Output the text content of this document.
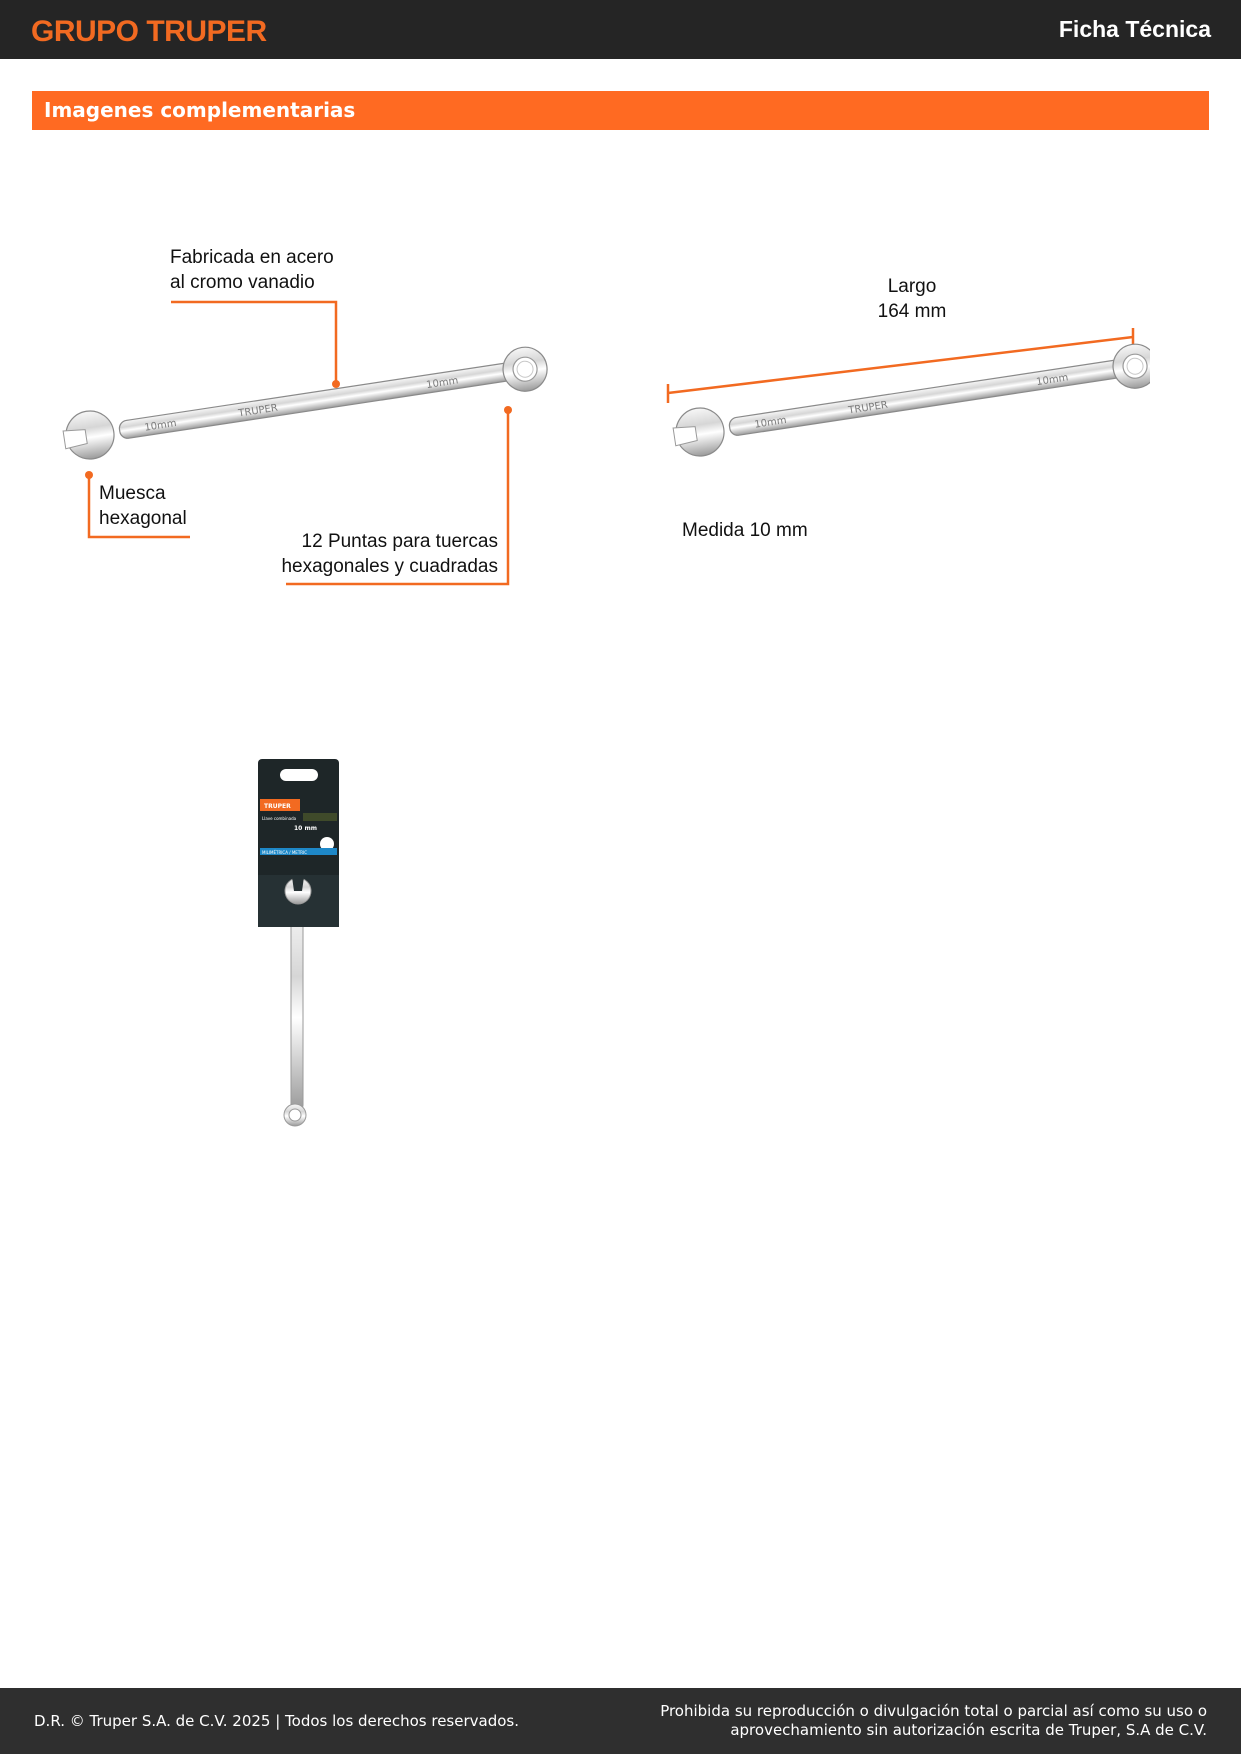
GRUPO TRUPER	Ficha Técnica
Imagenes complementarias
10mm
TRUPER
10mm
Fabricada en acero
al cromo vanadio
Muesca
hexagonal
12 Puntas para tuercas
hexagonales y cuadradas
10mm
TRUPER
10mm
Largo
164 mm
Medida 10 mm
TRUPER
Llave combinada
10 mm
MILIMÉTRICA / METRIC
D.R. © Truper S.A. de C.V. 2025 | Todos los derechos reservados.
Prohibida su reproducción o divulgación total o parcial así como su uso o aprovechamiento sin autorización escrita de Truper, S.A de C.V.
